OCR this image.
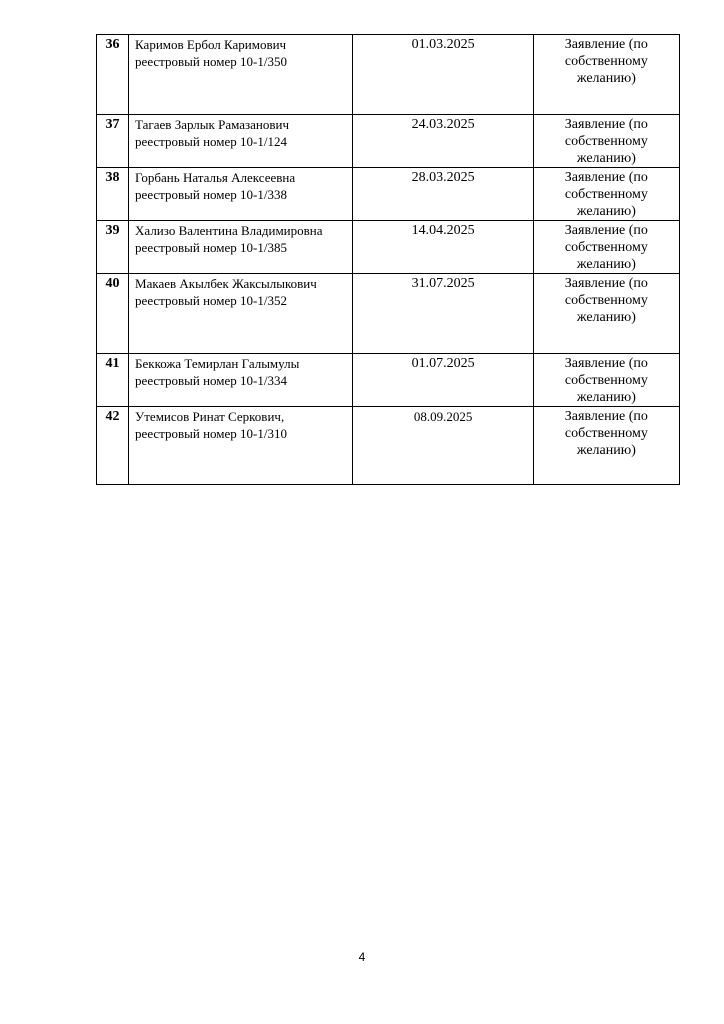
36	Каримов Ербол Каримович
реестровый номер 10-1/350	01.03.2025	Заявление (по
собственному
желанию)

37	Тагаев Зарлык Рамазанович
реестровый номер 10-1/124	24.03.2025	Заявление (по
собственному
желанию)

38	Горбань Наталья Алексеевна
реестровый номер 10-1/338	28.03.2025	Заявление (по
собственному
желанию)

39	Хализо Валентина Владимировна
реестровый номер 10-1/385	14.04.2025	Заявление (по
собственному
желанию)

40	Макаев Акылбек Жаксылыкович
реестровый номер 10-1/352	31.07.2025	Заявление (по
собственному
желанию)

41	Беккожа Темирлан Галымулы
реестровый номер 10-1/334	01.07.2025	Заявление (по
собственному
желанию)

42	Утемисов Ринат Серкович,
реестровый номер 10-1/310	08.09.2025	Заявление (по
собственному
желанию)
4
